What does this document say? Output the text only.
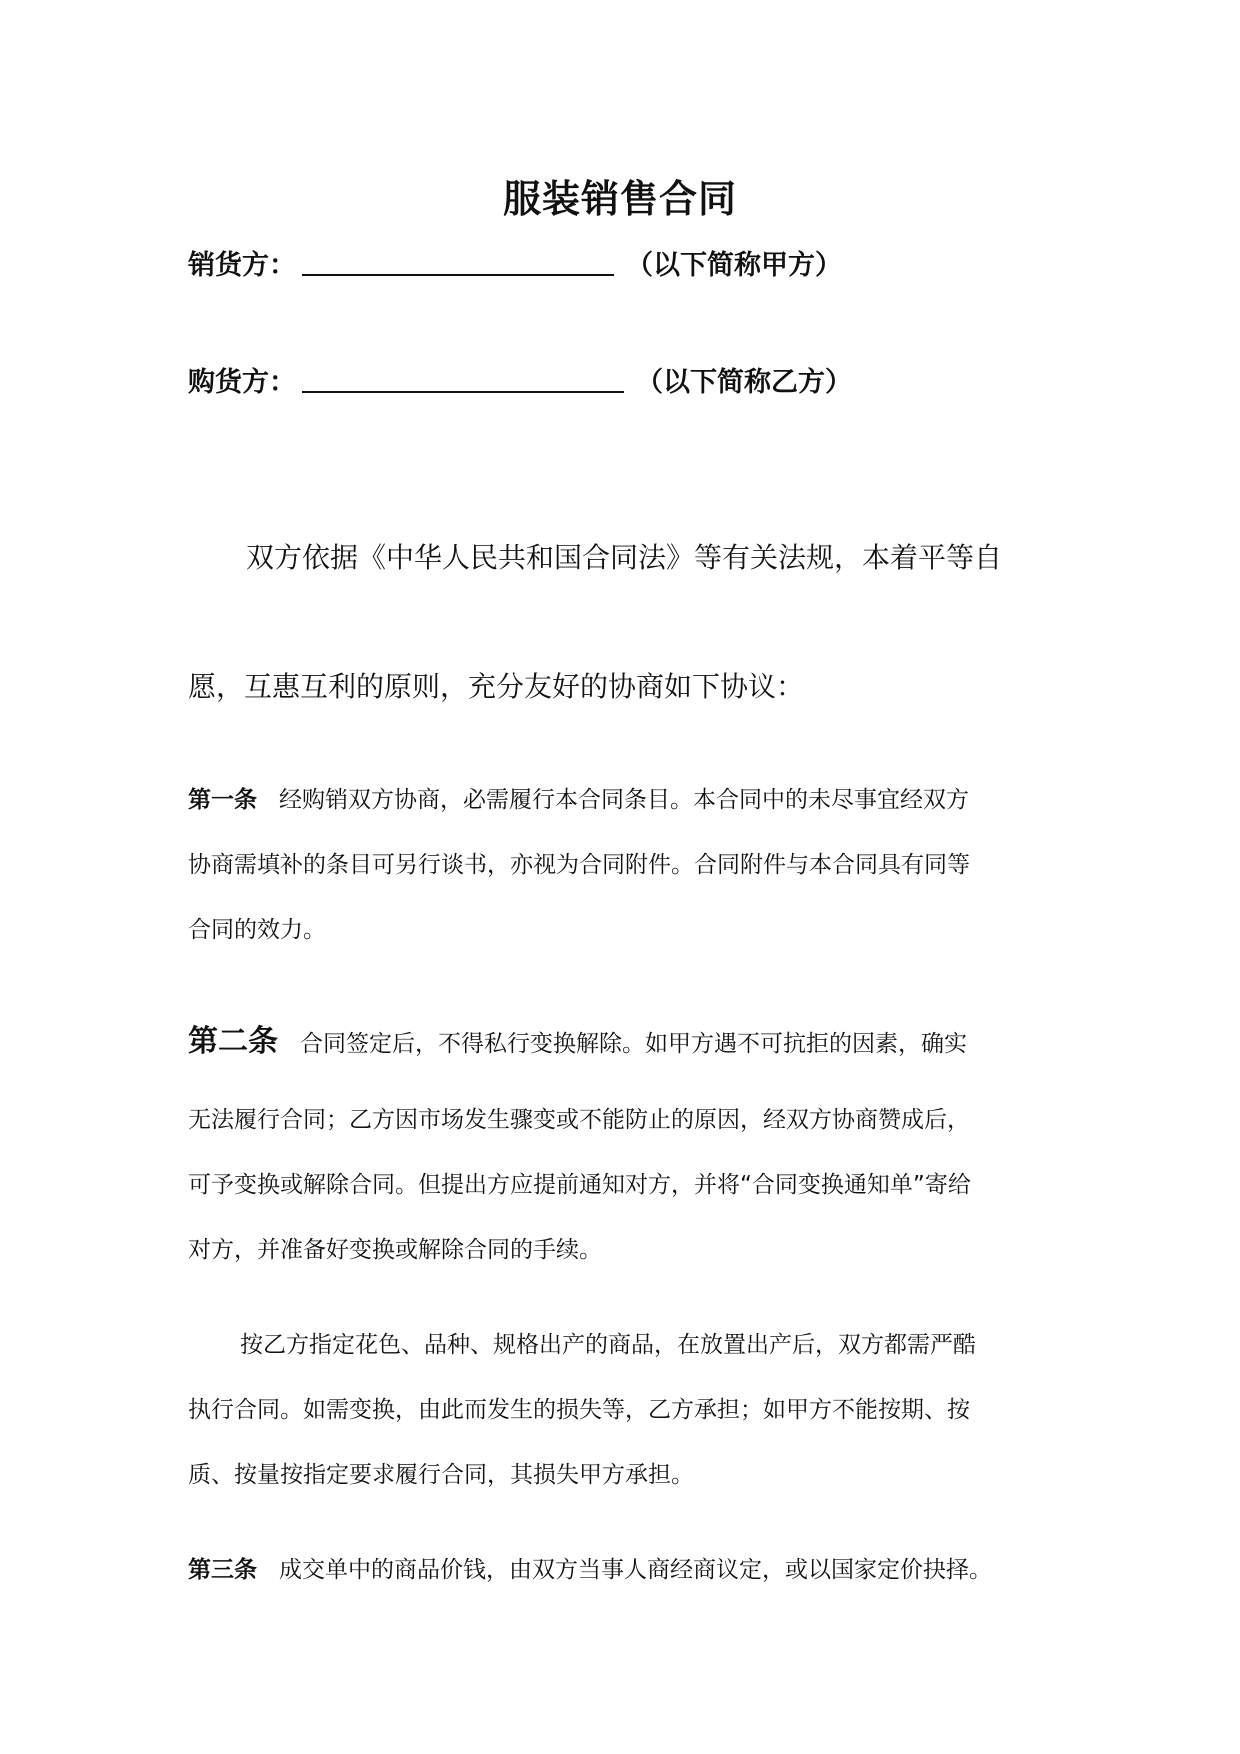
服装销售合同
销货方：	（以下简称甲方）
购货方：	（以下简称乙方）
双方依据《中华人民共和国合同法》等有关法规，本着平等自
愿，互惠互利的原则，充分友好的协商如下协议：
第一条 经购销双方协商，必需履行本合同条目。本合同中的未尽事宜经双方
协商需填补的条目可另行谈书，亦视为合同附件。合同附件与本合同具有同等
合同的效力。
第二条 合同签定后，不得私行变换解除。如甲方遇不可抗拒的因素，确实
无法履行合同；乙方因市场发生骤变或不能防止的原因，经双方协商赞成后，
可予变换或解除合同。但提出方应提前通知对方，并将“合同变换通知单”寄给
对方，并准备好变换或解除合同的手续。
按乙方指定花色、品种、规格出产的商品，在放置出产后，双方都需严酷
执行合同。如需变换，由此而发生的损失等，乙方承担；如甲方不能按期、按
质、按量按指定要求履行合同，其损失甲方承担。
第三条 成交单中的商品价钱，由双方当事人商经商议定，或以国家定价抉择。
